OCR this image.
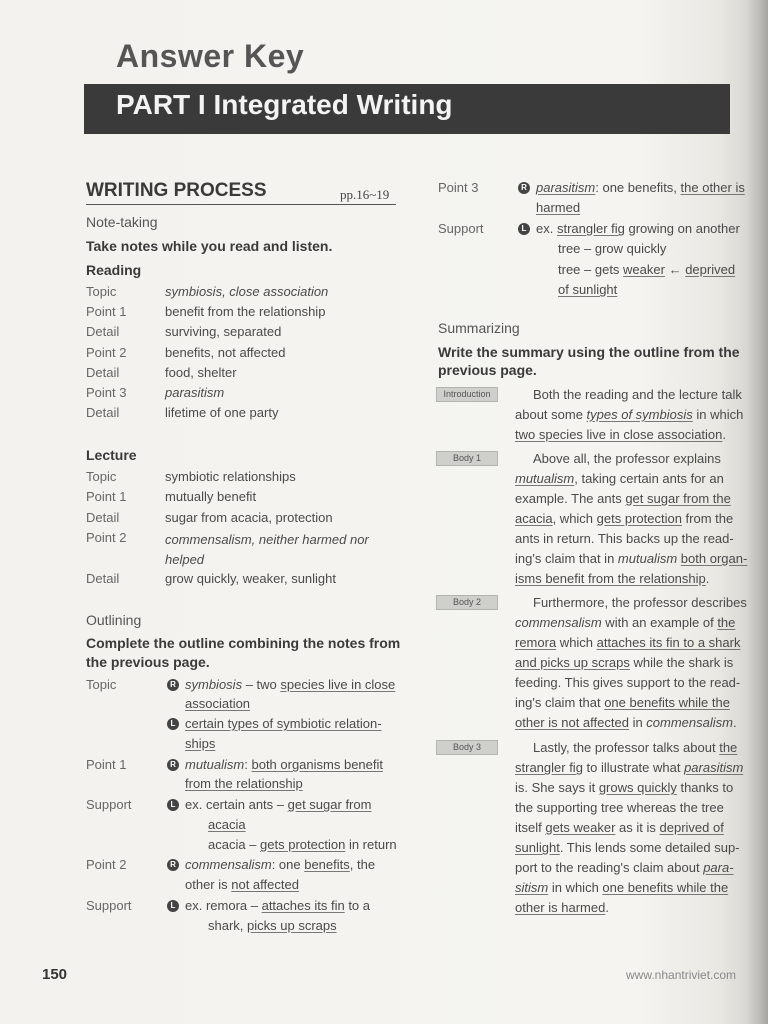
Answer Key
PART I Integrated Writing
WRITING PROCESS	pp.16~19
Note-taking
Take notes while you read and listen.
Reading
Topic	symbiosis, close association
Point 1	benefit from the relationship
Detail	surviving, separated
Point 2	benefits, not affected
Detail	food, shelter
Point 3	parasitism
Detail	lifetime of one party
Lecture
Topic	symbiotic relationships
Point 1	mutually benefit
Detail	sugar from acacia, protection
Point 2	commensalism, neither harmed nor helped
Detail	grow quickly, weaker, sunlight
Outlining
Complete the outline combining the notes from the previous page.
Topic	R symbiosis – two species live in close
association
L certain types of symbiotic relation-
ships
Point 1	R mutualism: both organisms benefit
from the relationship
Support	L ex. certain ants – get sugar from
acacia
acacia – gets protection in return
Point 2	R commensalism: one benefits, the
other is not affected
Support	L ex. remora – attaches its fin to a
shark, picks up scraps
Point 3	R parasitism: one benefits, the other is
harmed
Support	L ex. strangler fig growing on another
tree – grow quickly
tree – gets weaker ← deprived
of sunlight
Summarizing
Write the summary using the outline from the
previous page.
Introduction	Both the reading and the lecture talk
about some types of symbiosis in which
two species live in close association.
Body 1	Above all, the professor explains
mutualism, taking certain ants for an
example. The ants get sugar from the
acacia, which gets protection from the
ants in return. This backs up the read-
ing's claim that in mutualism both organ-
isms benefit from the relationship.
Body 2	Furthermore, the professor describes
commensalism with an example of the
remora which attaches its fin to a shark
and picks up scraps while the shark is
feeding. This gives support to the read-
ing's claim that one benefits while the
other is not affected in commensalism.
Body 3	Lastly, the professor talks about the
strangler fig to illustrate what parasitism
is. She says it grows quickly thanks to
the supporting tree whereas the tree
itself gets weaker as it is deprived of
sunlight. This lends some detailed sup-
port to the reading's claim about para-
sitism in which one benefits while the
other is harmed.
150	www.nhantriviet.com
